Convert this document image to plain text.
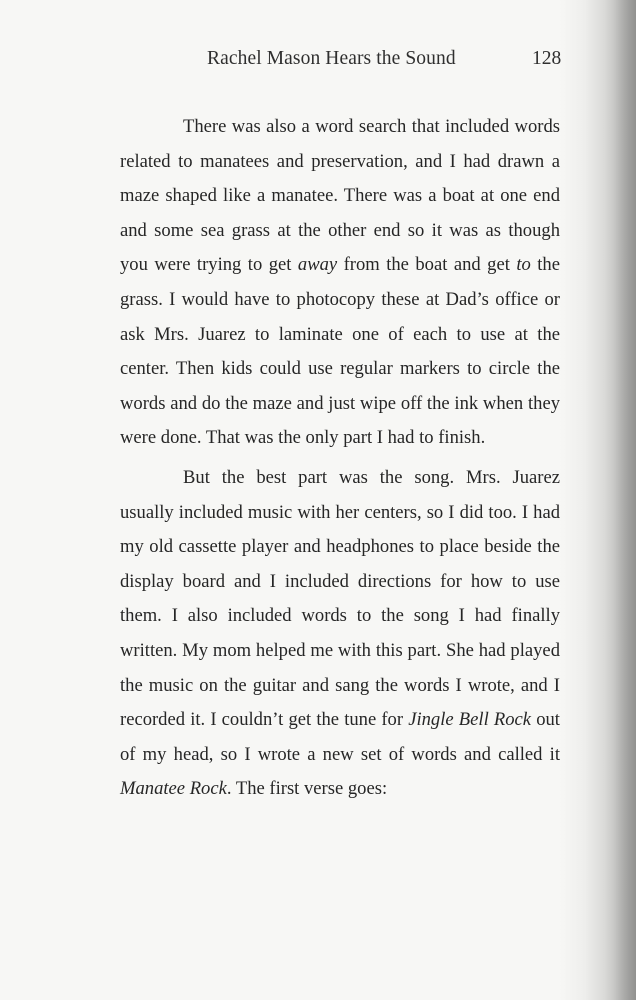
Rachel Mason Hears the Sound	128

There was also a word search that included words related to manatees and preservation, and I had drawn a maze shaped like a manatee. There was a boat at one end and some sea grass at the other end so it was as though you were trying to get away from the boat and get to the grass. I would have to photocopy these at Dad’s office or ask Mrs. Juarez to laminate one of each to use at the center. Then kids could use regular markers to circle the words and do the maze and just wipe off the ink when they were done. That was the only part I had to finish.

But the best part was the song. Mrs. Juarez usually included music with her centers, so I did too. I had my old cassette player and headphones to place beside the display board and I included directions for how to use them. I also included words to the song I had finally written. My mom helped me with this part. She had played the music on the guitar and sang the words I wrote, and I recorded it. I couldn’t get the tune for Jingle Bell Rock out of my head, so I wrote a new set of words and called it Manatee Rock. The first verse goes:
